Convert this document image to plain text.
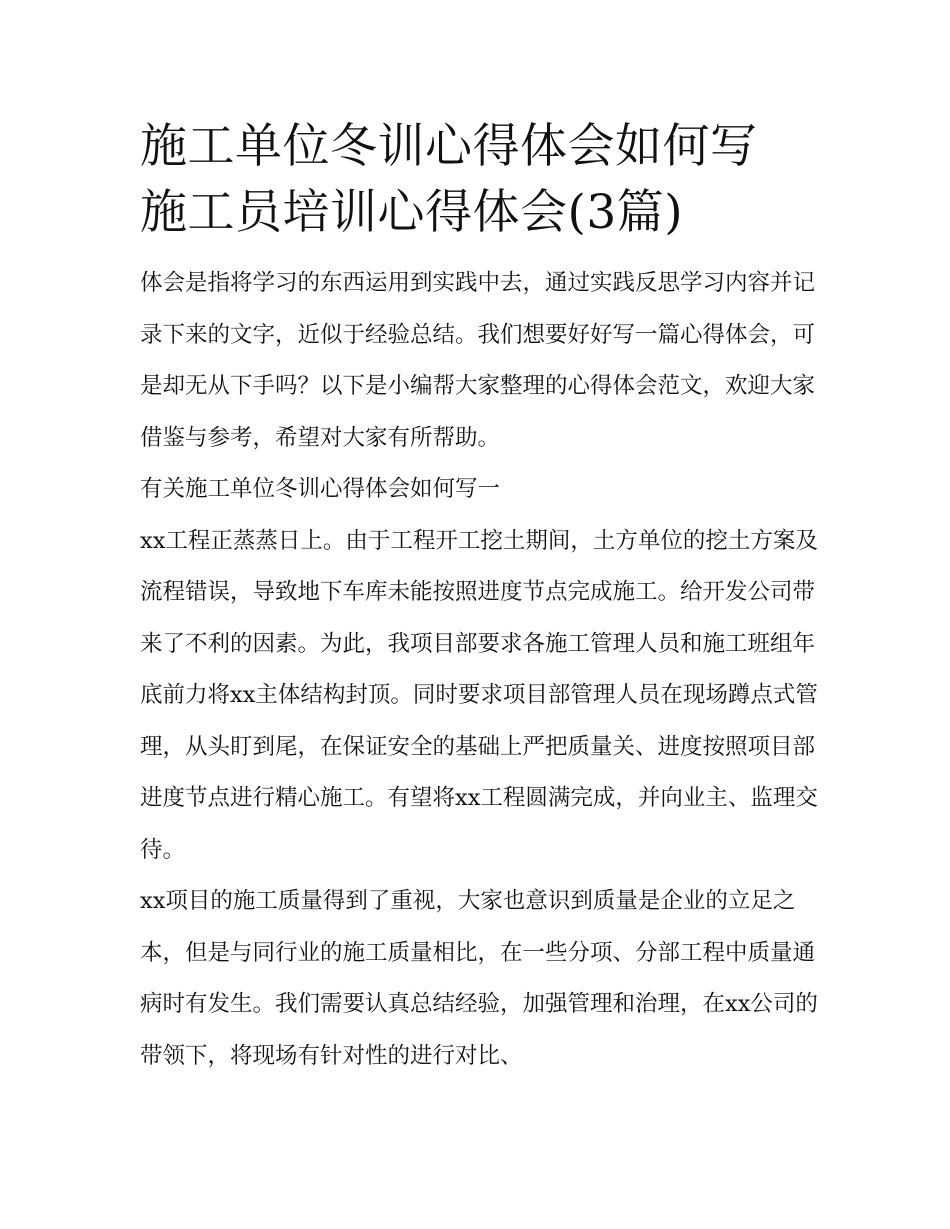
施工单位冬训心得体会如何写
施工员培训心得体会(3篇)

体会是指将学习的东西运用到实践中去，通过实践反思学习内容并记录下来的文字，近似于经验总结。我们想要好好写一篇心得体会，可是却无从下手吗？以下是小编帮大家整理的心得体会范文，欢迎大家借鉴与参考，希望对大家有所帮助。

有关施工单位冬训心得体会如何写一

xx工程正蒸蒸日上。由于工程开工挖土期间，土方单位的挖土方案及流程错误，导致地下车库未能按照进度节点完成施工。给开发公司带来了不利的因素。为此，我项目部要求各施工管理人员和施工班组年底前力将xx主体结构封顶。同时要求项目部管理人员在现场蹲点式管理，从头盯到尾，在保证安全的基础上严把质量关、进度按照项目部进度节点进行精心施工。有望将xx工程圆满完成，并向业主、监理交待。

xx项目的施工质量得到了重视，大家也意识到质量是企业的立足之本，但是与同行业的施工质量相比，在一些分项、分部工程中质量通病时有发生。我们需要认真总结经验，加强管理和治理，在xx公司的带领下，将现场有针对性的进行对比、
